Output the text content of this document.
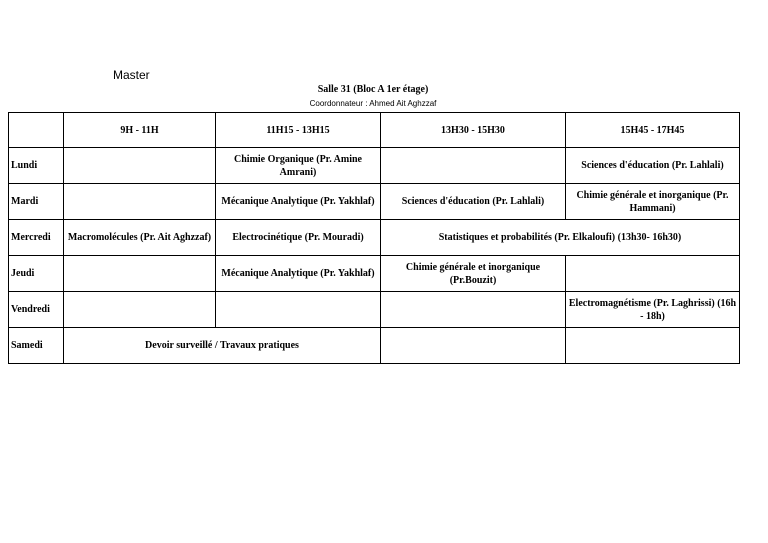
Master
Salle 31 (Bloc A 1er étage)
Coordonnateur : Ahmed Ait Aghzzaf
	9H - 11H	11H15 - 13H15	13H30 - 15H30	15H45 - 17H45
Lundi		Chimie Organique (Pr. Amine Amrani)		Sciences d'éducation (Pr. Lahlali)
Mardi		Mécanique Analytique (Pr. Yakhlaf)	Sciences d'éducation (Pr. Lahlali)	Chimie générale et inorganique (Pr. Hammani)
Mercredi	Macromolécules (Pr. Ait Aghzzaf)	Electrocinétique (Pr. Mouradi)	Statistiques et probabilités (Pr. Elkaloufi) (13h30- 16h30)	
Jeudi		Mécanique Analytique (Pr. Yakhlaf)	Chimie générale et inorganique (Pr.Bouzit)	
Vendredi				Electromagnétisme (Pr. Laghrissi) (16h - 18h)
Samedi	Devoir surveillé / Travaux pratiques			
